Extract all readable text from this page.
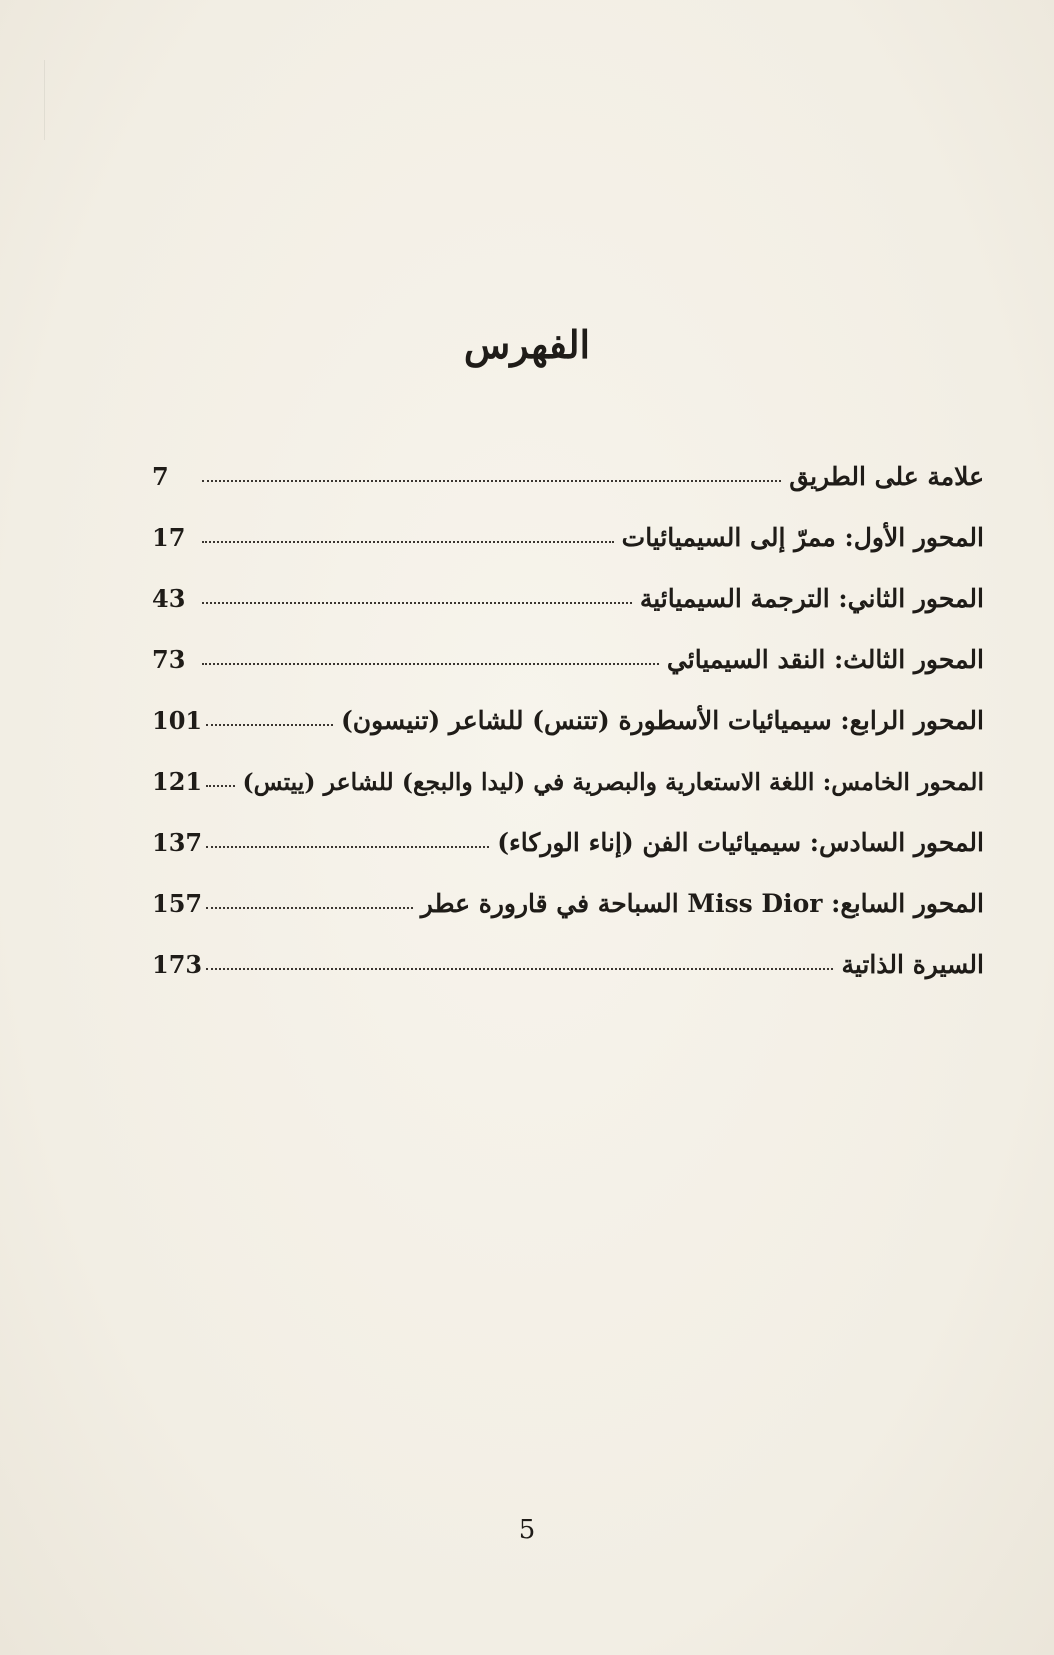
الفهرس
علامة على الطريق
7
المحور الأول: ممرّ إلى السيميائيات
17
المحور الثاني: الترجمة السيميائية
43
المحور الثالث: النقد السيميائي
73
المحور الرابع: سيميائيات الأسطورة (تتنس) للشاعر (تنيسون)
101
المحور الخامس: اللغة الاستعارية والبصرية في (ليدا والبجع) للشاعر (ييتس)
121
المحور السادس: سيميائيات الفن (إناء الوركاء)
137
المحور السابع: Miss Dior السباحة في قارورة عطر
157
السيرة الذاتية
173
5
